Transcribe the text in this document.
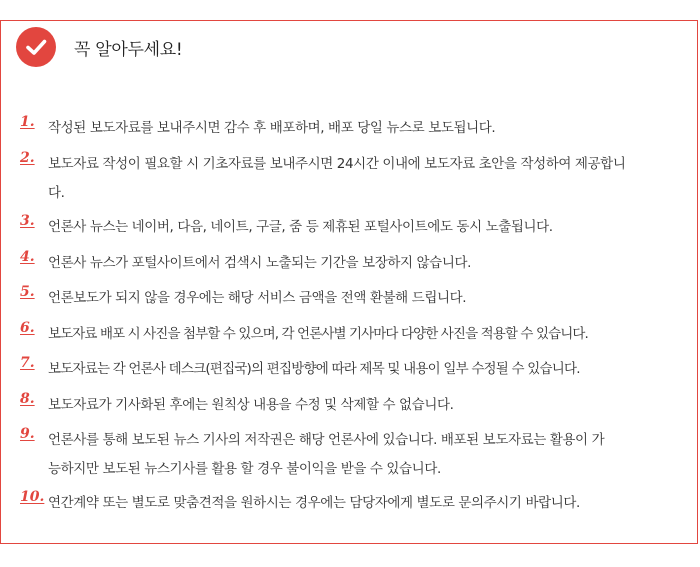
꼭 알아두세요!
1. 작성된 보도자료를 보내주시면 감수 후 배포하며, 배포 당일 뉴스로 보도됩니다.
2. 보도자료 작성이 필요할 시 기초자료를 보내주시면 24시간 이내에 보도자료 초안을 작성하여 제공합니다.
3. 언론사 뉴스는 네이버, 다음, 네이트, 구글, 줌 등 제휴된 포털사이트에도 동시 노출됩니다.
4. 언론사 뉴스가 포털사이트에서 검색시 노출되는 기간을 보장하지 않습니다.
5. 언론보도가 되지 않을 경우에는 해당 서비스 금액을 전액 환불해 드립니다.
6. 보도자료 배포 시 사진을 첨부할 수 있으며, 각 언론사별 기사마다 다양한 사진을 적용할 수 있습니다.
7. 보도자료는 각 언론사 데스크(편집국)의 편집방향에 따라 제목 및 내용이 일부 수정될 수 있습니다.
8. 보도자료가 기사화된 후에는 원칙상 내용을 수정 및 삭제할 수 없습니다.
9. 언론사를 통해 보도된 뉴스 기사의 저작권은 해당 언론사에 있습니다. 배포된 보도자료는 활용이 가능하지만 보도된 뉴스기사를 활용 할 경우 불이익을 받을 수 있습니다.
10. 연간계약 또는 별도로 맞춤견적을 원하시는 경우에는 담당자에게 별도로 문의주시기 바랍니다.
